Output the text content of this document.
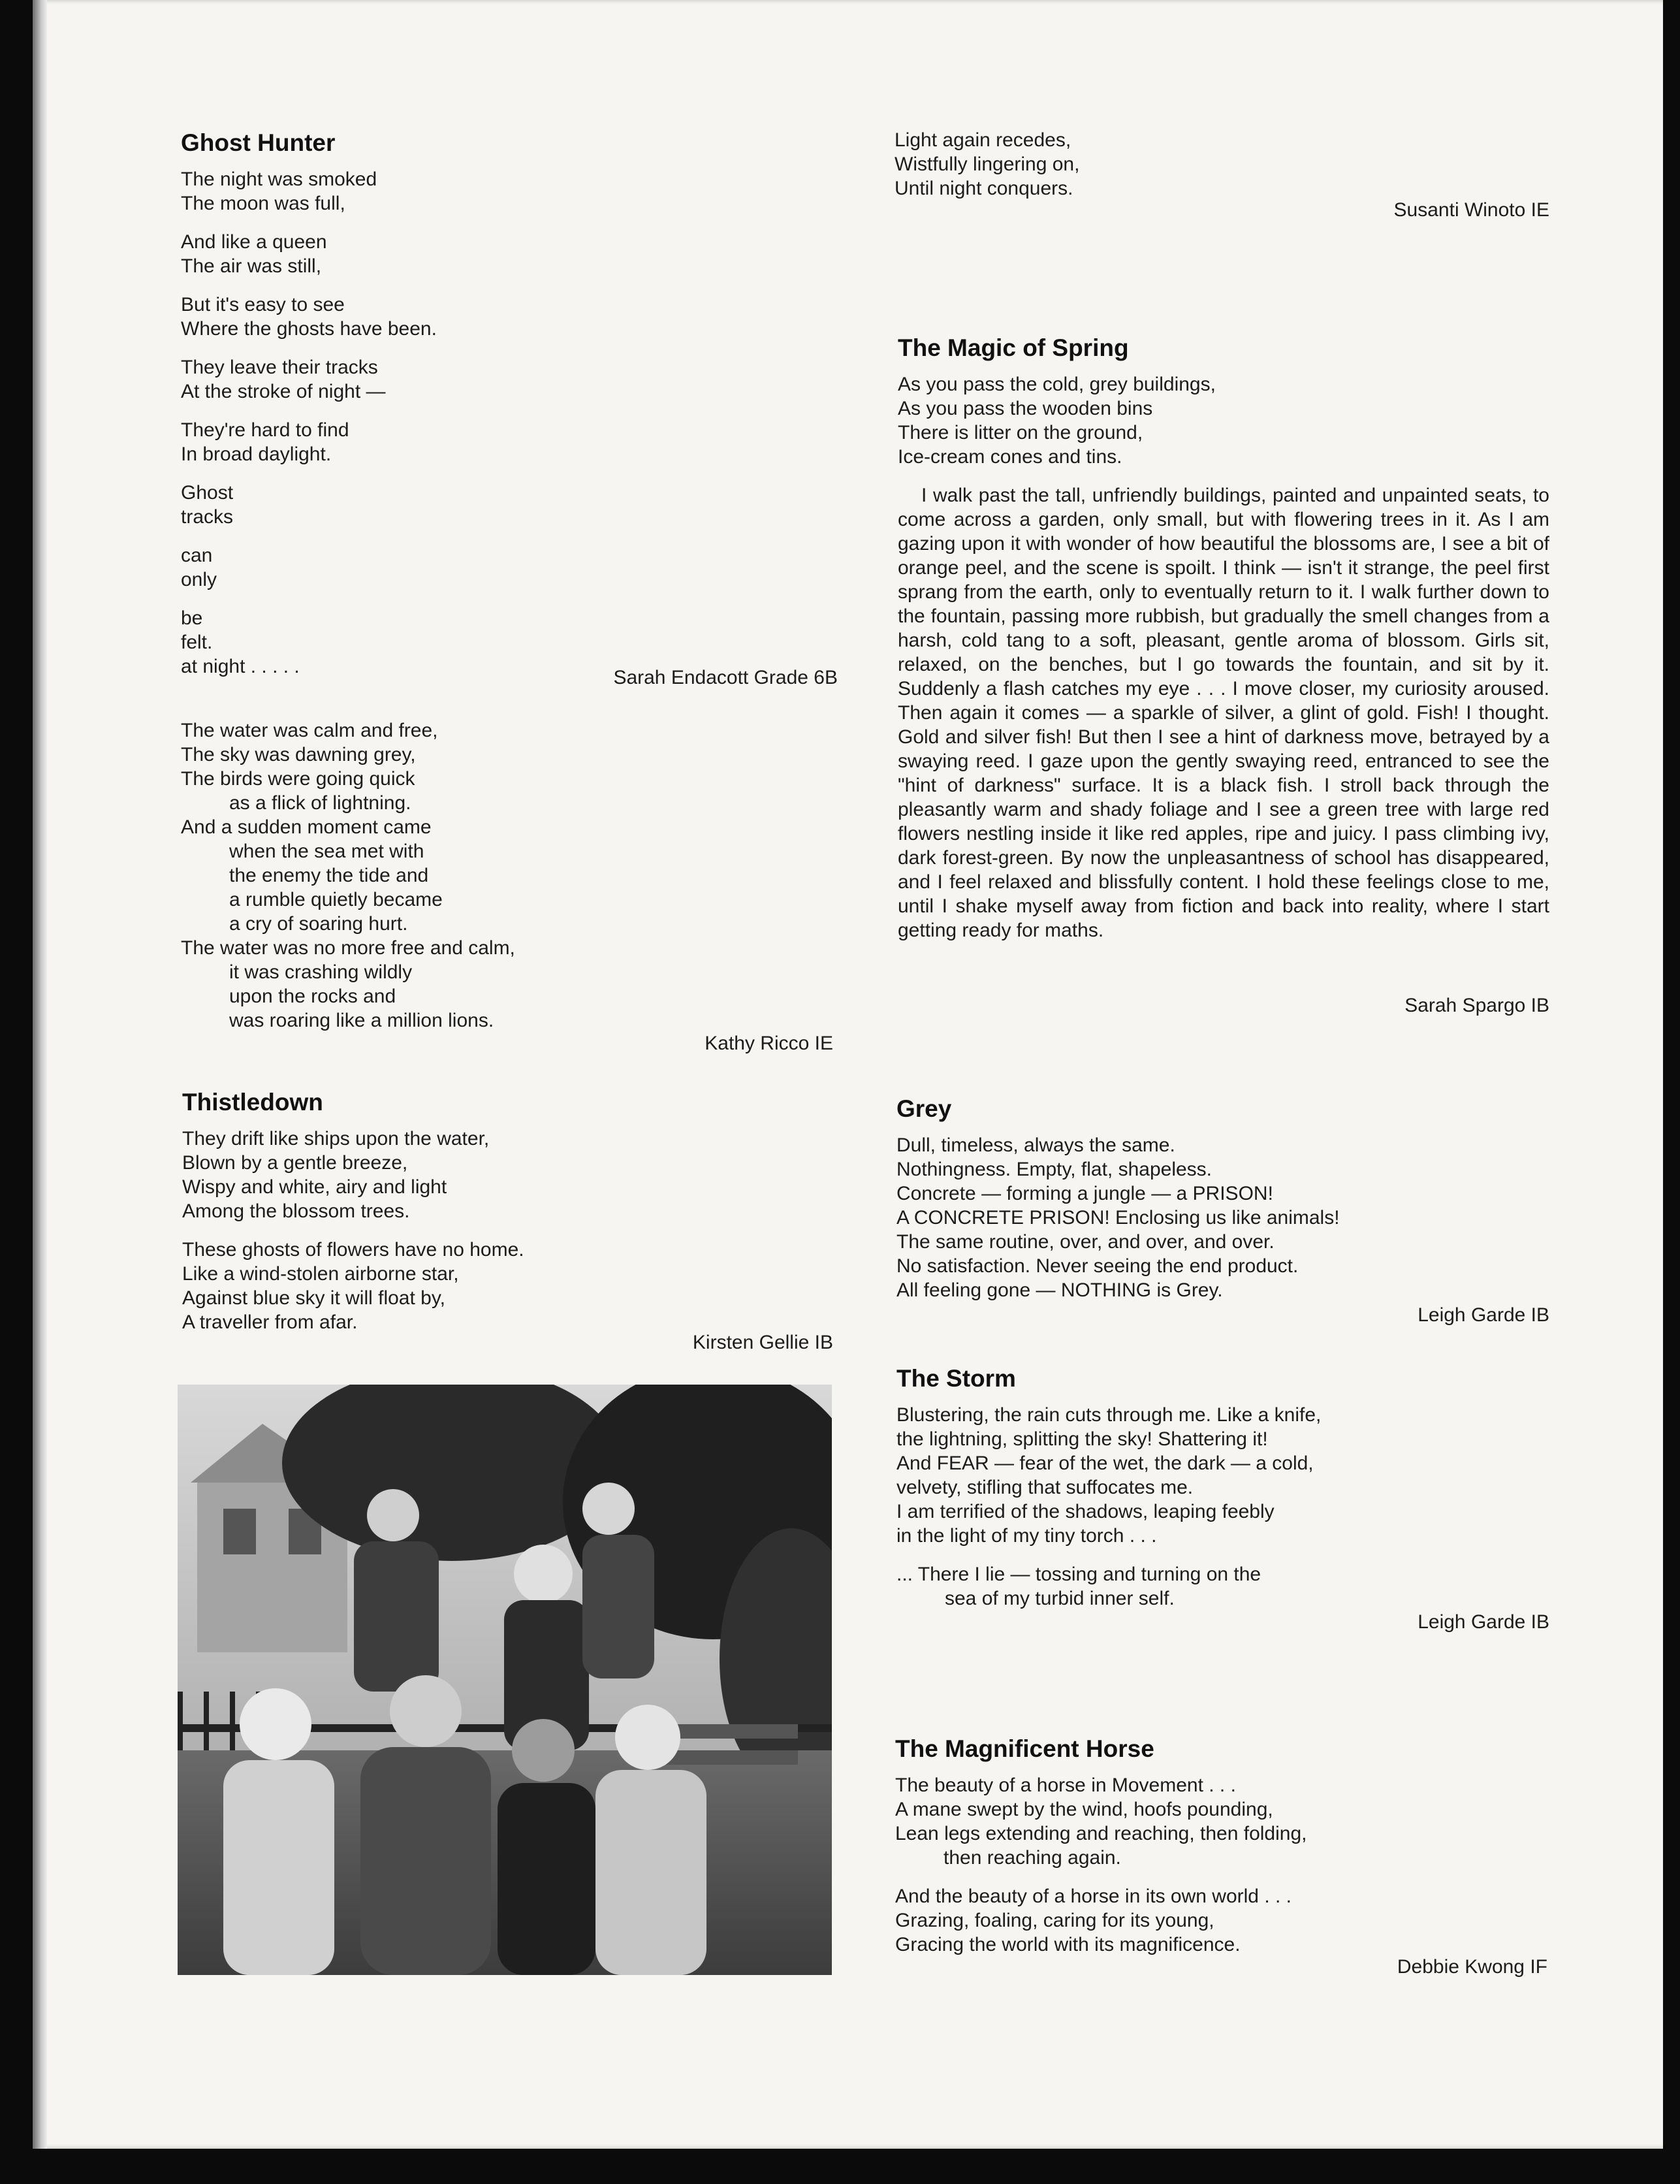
Ghost Hunter
The night was smoked
The moon was full,
And like a queen
The air was still,
But it's easy to see
Where the ghosts have been.
They leave their tracks
At the stroke of night —
They're hard to find
In broad daylight.
Ghost
tracks
can
only
be
felt.
at night . . . . .
Sarah Endacott Grade 6B
The water was calm and free,
The sky was dawning grey,
The birds were going quick
as a flick of lightning.
And a sudden moment came
when the sea met with
the enemy the tide and
a rumble quietly became
a cry of soaring hurt.
The water was no more free and calm,
it was crashing wildly
upon the rocks and
was roaring like a million lions.
Kathy Ricco IE
Thistledown
They drift like ships upon the water,
Blown by a gentle breeze,
Wispy and white, airy and light
Among the blossom trees.
These ghosts of flowers have no home.
Like a wind-stolen airborne star,
Against blue sky it will float by,
A traveller from afar.
Kirsten Gellie IB
Light again recedes,
Wistfully lingering on,
Until night conquers.
Susanti Winoto IE
The Magic of Spring
As you pass the cold, grey buildings,
As you pass the wooden bins
There is litter on the ground,
Ice-cream cones and tins.

I walk past the tall, unfriendly buildings, painted and unpainted seats, to come across a garden, only small, but with flowering trees in it. As I am gazing upon it with wonder of how beautiful the blossoms are, I see a bit of orange peel, and the scene is spoilt. I think — isn't it strange, the peel first sprang from the earth, only to eventually return to it. I walk further down to the fountain, passing more rubbish, but gradually the smell changes from a harsh, cold tang to a soft, pleasant, gentle aroma of blossom. Girls sit, relaxed, on the benches, but I go towards the fountain, and sit by it. Suddenly a flash catches my eye . . . I move closer, my curiosity aroused. Then again it comes — a sparkle of silver, a glint of gold. Fish! I thought. Gold and silver fish! But then I see a hint of darkness move, betrayed by a swaying reed. I gaze upon the gently swaying reed, entranced to see the "hint of darkness" surface. It is a black fish. I stroll back through the pleasantly warm and shady foliage and I see a green tree with large red flowers nestling inside it like red apples, ripe and juicy. I pass climbing ivy, dark forest-green. By now the unpleasantness of school has disappeared, and I feel relaxed and blissfully content. I hold these feelings close to me, until I shake myself away from fiction and back into reality, where I start getting ready for maths.

Sarah Spargo IB
Grey
Dull, timeless, always the same.
Nothingness. Empty, flat, shapeless.
Concrete — forming a jungle — a PRISON!
A CONCRETE PRISON! Enclosing us like animals!
The same routine, over, and over, and over.
No satisfaction. Never seeing the end product.
All feeling gone — NOTHING is Grey.
Leigh Garde IB
The Storm
Blustering, the rain cuts through me. Like a knife,
the lightning, splitting the sky! Shattering it!
And FEAR — fear of the wet, the dark — a cold,
velvety, stifling that suffocates me.
I am terrified of the shadows, leaping feebly
in the light of my tiny torch . . .
... There I lie — tossing and turning on the
sea of my turbid inner self.
Leigh Garde IB
The Magnificent Horse
The beauty of a horse in Movement . . .
A mane swept by the wind, hoofs pounding,
Lean legs extending and reaching, then folding,
then reaching again.
And the beauty of a horse in its own world . . .
Grazing, foaling, caring for its young,
Gracing the world with its magnificence.
Debbie Kwong IF
